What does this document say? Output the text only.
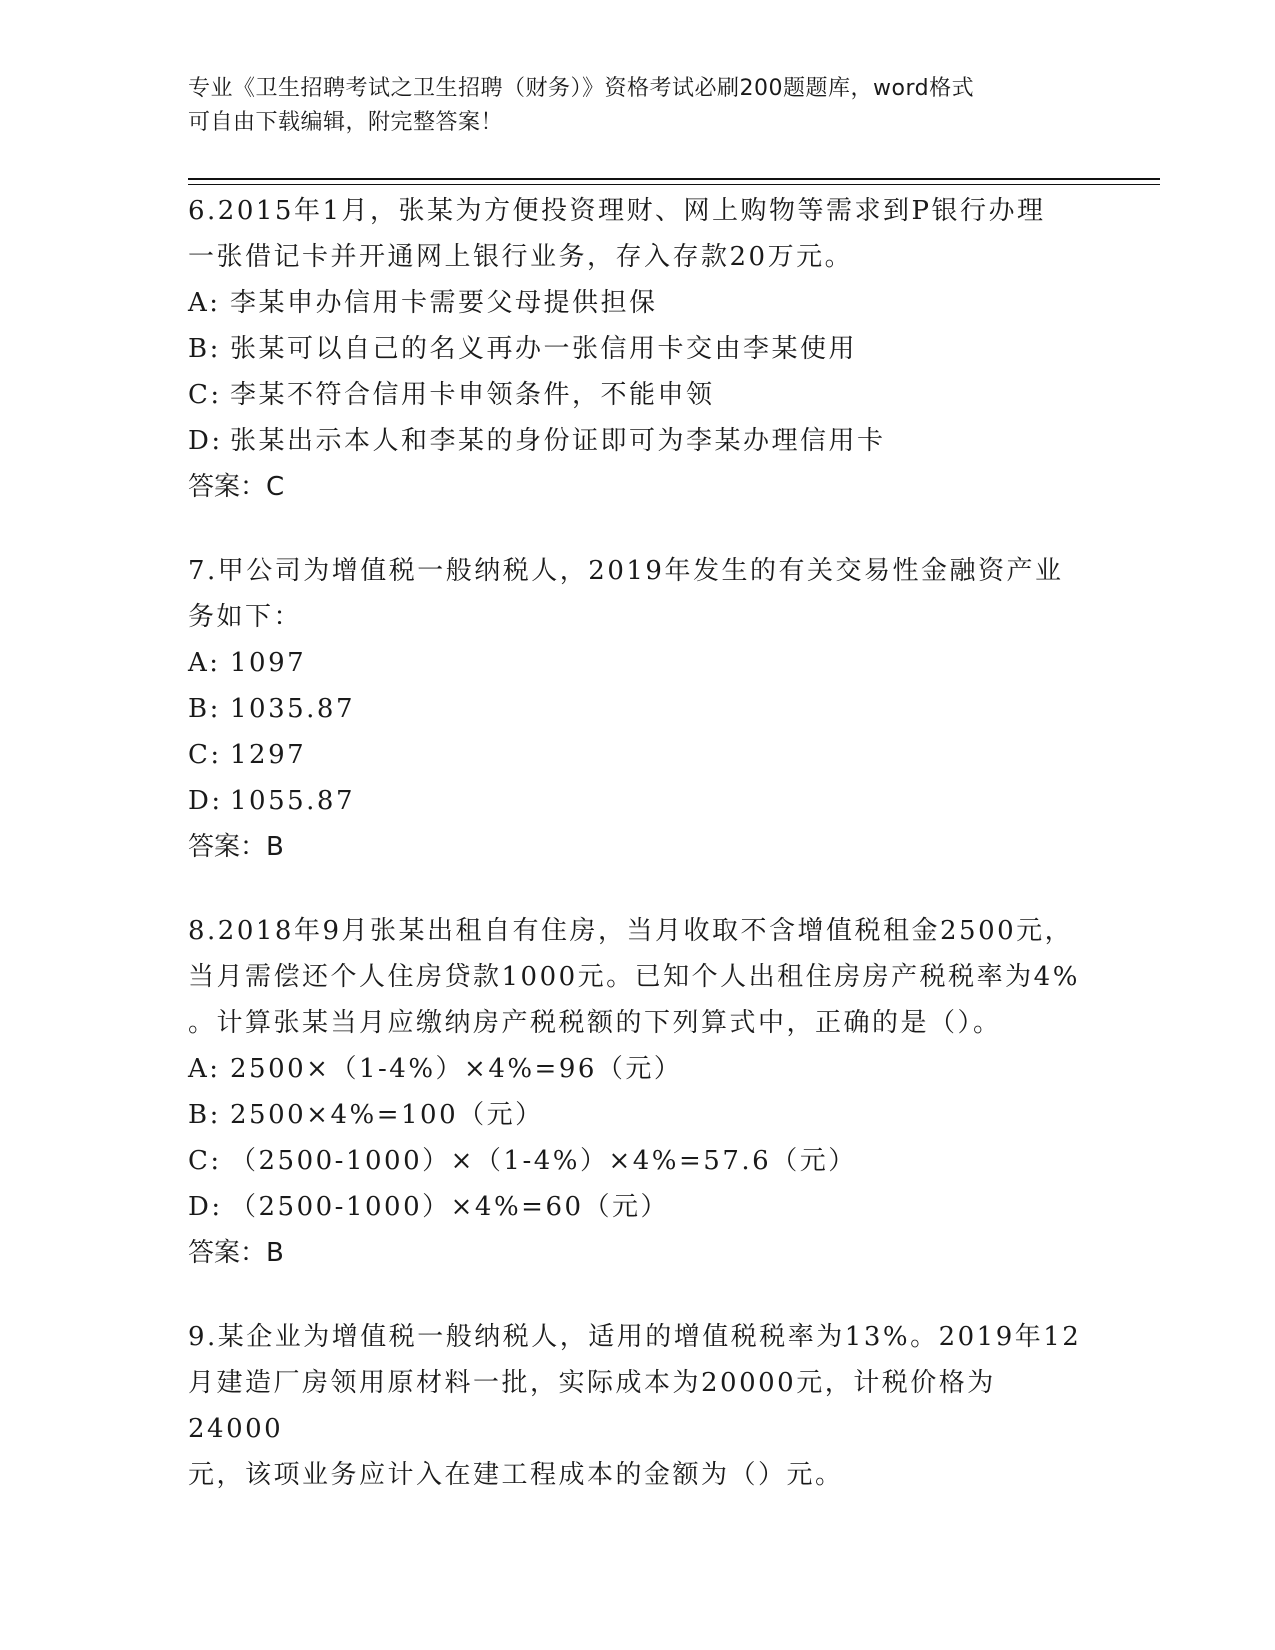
专业《卫生招聘考试之卫生招聘（财务）》资格考试必刷200题题库，word格式
可自由下载编辑，附完整答案！

6.2015年1月，张某为方便投资理财、网上购物等需求到P银行办理

一张借记卡并开通网上银行业务，存入存款20万元。

A: 李某申办信用卡需要父母提供担保

B: 张某可以自己的名义再办一张信用卡交由李某使用

C: 李某不符合信用卡申领条件，不能申领

D: 张某出示本人和李某的身份证即可为李某办理信用卡

答案：C

7.甲公司为增值税一般纳税人，2019年发生的有关交易性金融资产业

务如下：

A: 1097

B: 1035.87

C: 1297

D: 1055.87

答案：B

8.2018年9月张某出租自有住房，当月收取不含增值税租金2500元，

当月需偿还个人住房贷款1000元。已知个人出租住房房产税税率为4%

。计算张某当月应缴纳房产税税额的下列算式中，正确的是（）。

A: 2500×（1-4%）×4%=96（元）

B: 2500×4%=100（元）

C: （2500-1000）×（1-4%）×4%=57.6（元）

D: （2500-1000）×4%=60（元）

答案：B

9.某企业为增值税一般纳税人，适用的增值税税率为13%。2019年12

月建造厂房领用原材料一批，实际成本为20000元，计税价格为24000

元，该项业务应计入在建工程成本的金额为（）元。
